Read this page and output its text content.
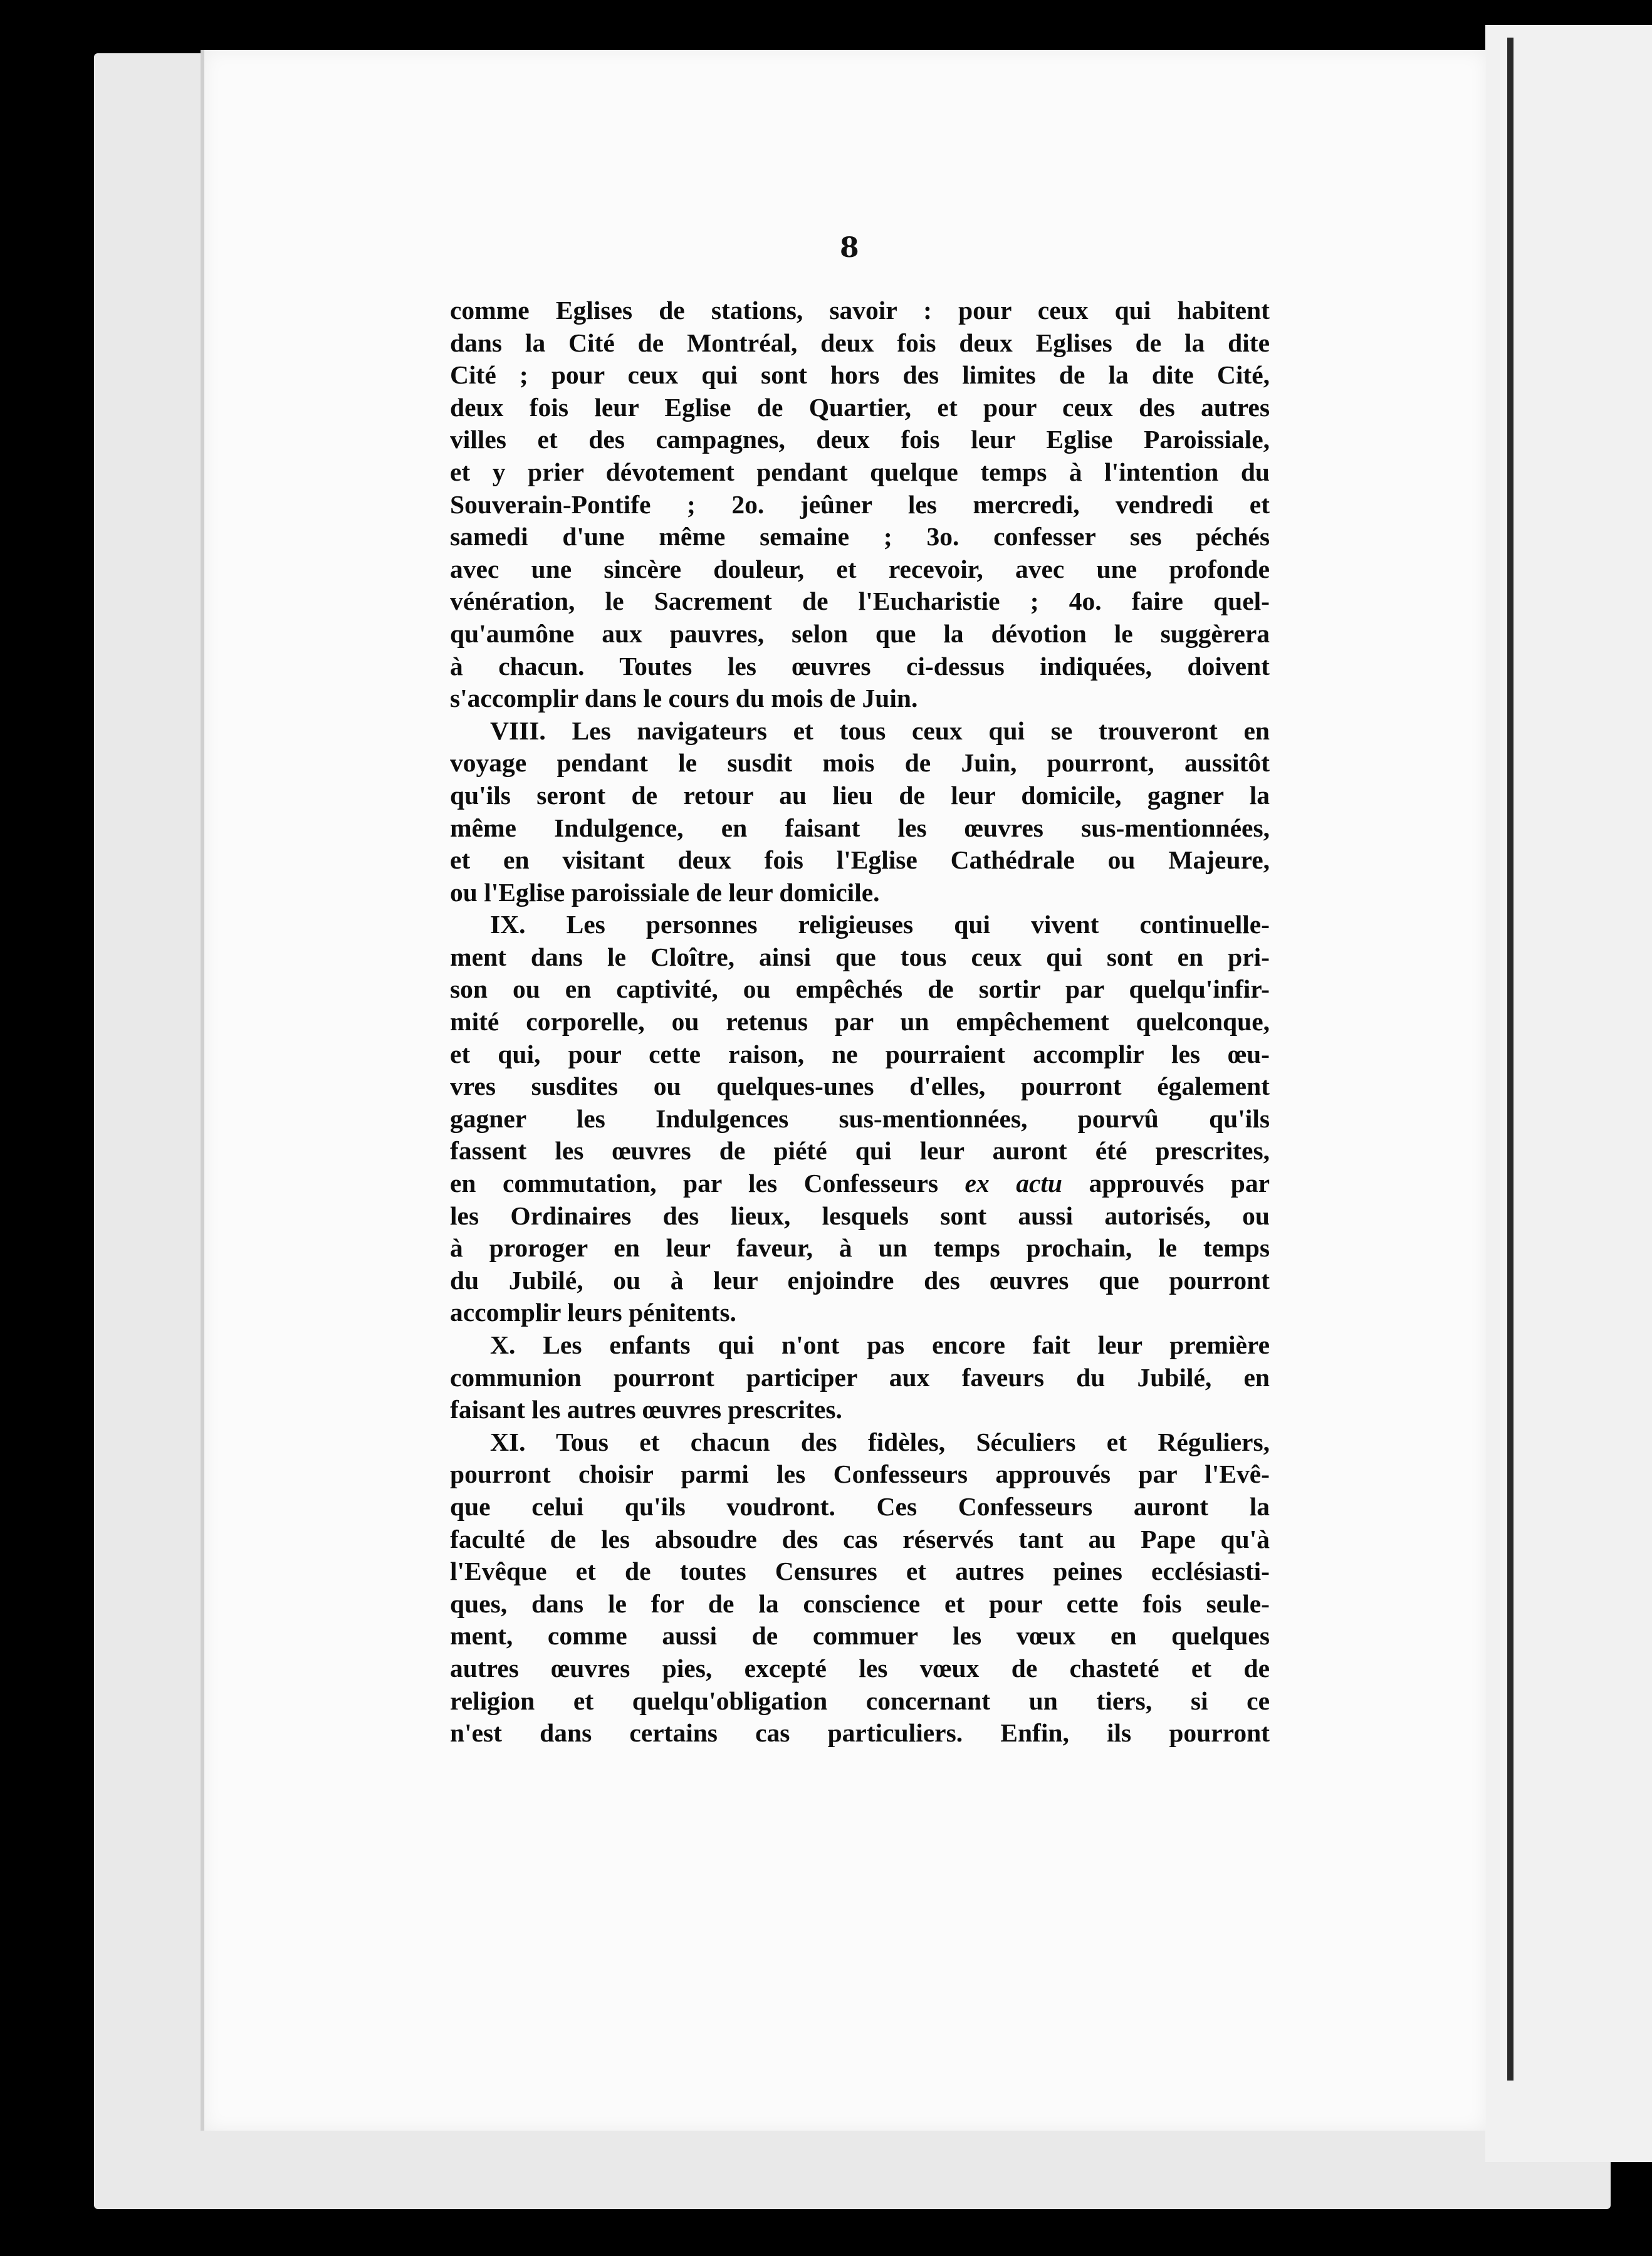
8

comme Eglises de stations, savoir : pour ceux qui habitent
dans la Cité de Montréal, deux fois deux Eglises de la dite
Cité ; pour ceux qui sont hors des limites de la dite Cité,
deux fois leur Eglise de Quartier, et pour ceux des autres
villes et des campagnes, deux fois leur Eglise Paroissiale,
et y prier dévotement pendant quelque temps à l'intention du
Souverain-Pontife ; 2o. jeûner les mercredi, vendredi et
samedi d'une même semaine ; 3o. confesser ses péchés
avec une sincère douleur, et recevoir, avec une profonde
vénération, le Sacrement de l'Eucharistie ; 4o. faire quel-
qu'aumône aux pauvres, selon que la dévotion le suggèrera
à chacun. Toutes les œuvres ci-dessus indiquées, doivent
s'accomplir dans le cours du mois de Juin.
VIII. Les navigateurs et tous ceux qui se trouveront en
voyage pendant le susdit mois de Juin, pourront, aussitôt
qu'ils seront de retour au lieu de leur domicile, gagner la
même Indulgence, en faisant les œuvres sus-mentionnées,
et en visitant deux fois l'Eglise Cathédrale ou Majeure,
ou l'Eglise paroissiale de leur domicile.
IX. Les personnes religieuses qui vivent continuelle-
ment dans le Cloître, ainsi que tous ceux qui sont en pri-
son ou en captivité, ou empêchés de sortir par quelqu'infir-
mité corporelle, ou retenus par un empêchement quelconque,
et qui, pour cette raison, ne pourraient accomplir les œu-
vres susdites ou quelques-unes d'elles, pourront également
gagner les Indulgences sus-mentionnées, pourvû qu'ils
fassent les œuvres de piété qui leur auront été prescrites,
en commutation, par les Confesseurs ex actu approuvés par
les Ordinaires des lieux, lesquels sont aussi autorisés, ou
à proroger en leur faveur, à un temps prochain, le temps
du Jubilé, ou à leur enjoindre des œuvres que pourront
accomplir leurs pénitents.
X. Les enfants qui n'ont pas encore fait leur première
communion pourront participer aux faveurs du Jubilé, en
faisant les autres œuvres prescrites.
XI. Tous et chacun des fidèles, Séculiers et Réguliers,
pourront choisir parmi les Confesseurs approuvés par l'Evê-
que celui qu'ils voudront. Ces Confesseurs auront la
faculté de les absoudre des cas réservés tant au Pape qu'à
l'Evêque et de toutes Censures et autres peines ecclésiasti-
ques, dans le for de la conscience et pour cette fois seule-
ment, comme aussi de commuer les vœux en quelques
autres œuvres pies, excepté les vœux de chasteté et de
religion et quelqu'obligation concernant un tiers, si ce
n'est dans certains cas particuliers. Enfin, ils pourront
